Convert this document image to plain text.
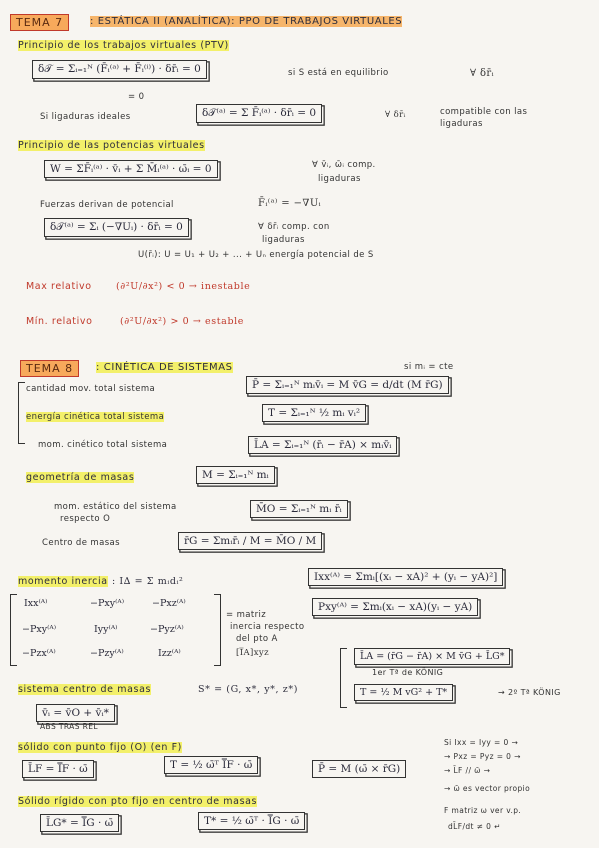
TEMA 7	: ESTÁTICA II (ANALÍTICA): PPO DE TRABAJOS VIRTUALES
Principio de los trabajos virtuales (PTV)
δ𝒯 = Σᵢ₌₁ᴺ (F̄ᵢ⁽ᵃ⁾ + F̄ᵢ⁽ⁱ⁾) · δr̄ᵢ = 0
= 0
si S está en equilibrio	∀ δr̄ᵢ
Si ligaduras ideales	δ𝒯⁽ᵃ⁾ = Σ F̄ᵢ⁽ᵃ⁾ · δr̄ᵢ = 0	∀ δr̄ᵢ	compatible con las ligaduras
Principio de las potencias virtuales
W = ΣF̄ᵢ⁽ᵃ⁾ · v̄ᵢ + Σ M̄ᵢ⁽ᵃ⁾ · ω̄ᵢ = 0	∀ v̄ᵢ, ω̄ᵢ comp.
ligaduras
Fuerzas derivan de potencial	F̄ᵢ⁽ᵃ⁾ = −∇Uᵢ
δ𝒯⁽ᵃ⁾ = Σᵢ (−∇Uᵢ) · δr̄ᵢ = 0	∀ δr̄ᵢ comp. con
ligaduras
U(r̄ᵢ): U = U₁ + U₂ + ... + Uₙ energía potencial de S
Max relativo	(∂²U/∂x²) < 0 → inestable
Mín. relativo	(∂²U/∂x²) > 0 → estable
TEMA 8	: CINÉTICA DE SISTEMAS	si mᵢ = cte
cantidad mov. total sistema	P̄ = Σᵢ₌₁ᴺ mᵢv̄ᵢ = M v̄G = d/dt (M r̄G)
energía cinética total sistema	T = Σᵢ₌₁ᴺ ½ mᵢ vᵢ²
mom. cinético total sistema	L̄A = Σᵢ₌₁ᴺ (r̄ᵢ − r̄A) × mᵢv̄ᵢ
geometría de masas	M = Σᵢ₌₁ᴺ mᵢ
mom. estático del sistema
respecto O
M̄O = Σᵢ₌₁ᴺ mᵢ r̄ᵢ
Centro de masas	r̄G = Σmᵢr̄ᵢ / M = M̄O / M
momento inercia : I∆ = Σ mᵢdᵢ²	Ixx⁽ᴬ⁾ = Σmᵢ[(xᵢ − xA)² + (yᵢ − yA)²]
Pxy⁽ᴬ⁾ = Σmᵢ(xᵢ − xA)(yᵢ − yA)
Ixx⁽ᴬ⁾	−Pxy⁽ᴬ⁾	−Pxz⁽ᴬ⁾
−Pxy⁽ᴬ⁾	Iyy⁽ᴬ⁾	−Pyz⁽ᴬ⁾
−Pzx⁽ᴬ⁾	−Pzy⁽ᴬ⁾	Izz⁽ᴬ⁾
= matriz
inercia respecto
del pto A
[I̿A]xyz
sistema centro de masas	S* = (G, x*, y*, z*)
L̄A = (r̄G − r̄A) × M v̄G + L̄G*
1er Tª de KÖNIG
T = ½ M vG² + T*	→ 2º Tª KÖNIG
v̄ᵢ = v̄O + v̄ᵢ*
ABS TRAS REL
sólido con punto fijo (O) (en F)
L̄F = I̿F · ω̄	T = ½ ω̄ᵀ I̿F · ω̄	P̄ = M (ω̄ × r̄G)
Si Ixx = Iyy = 0 →
→ Pxz = Pyz = 0 →
→ L̄F // ω̄ →
→ ω̄ es vector propio
F matriz ω ver v.p.
dL̄F/dt ≠ 0 ↵
Sólido rígido con pto fijo en centro de masas
L̄G* = I̿G · ω̄	T* = ½ ω̄ᵀ · I̿G · ω̄
